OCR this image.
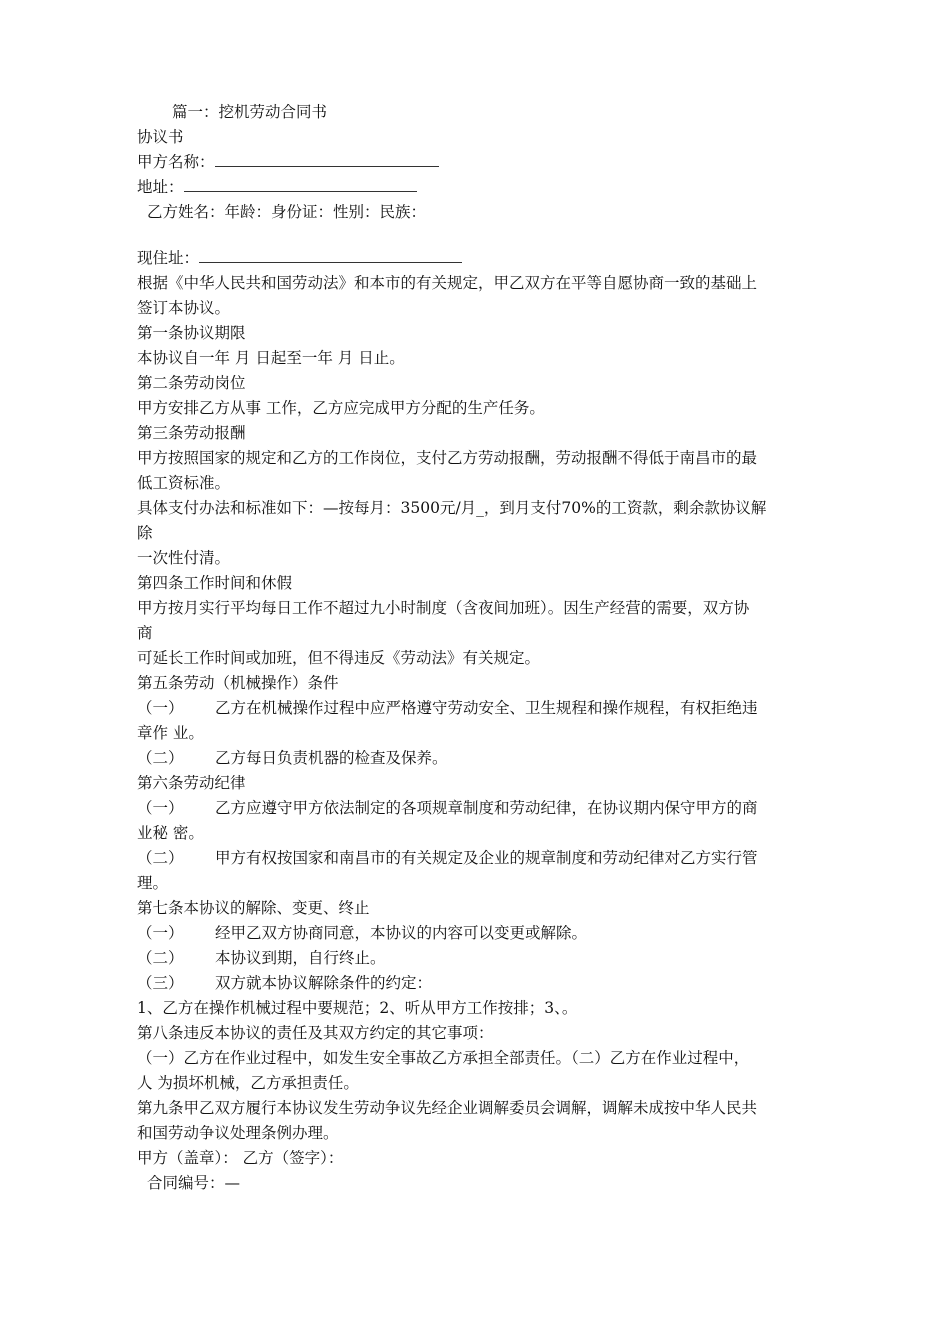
篇一：挖机劳动合同书
协议书
甲方名称：
地址：
乙方姓名：年龄：身份证：性别：民族：
现住址：
根据《中华人民共和国劳动法》和本市的有关规定，甲乙双方在平等自愿协商一致的基础上
签订本协议。
第一条协议期限
本协议自一年 月 日起至一年 月 日止。
第二条劳动岗位
甲方安排乙方从事 工作，乙方应完成甲方分配的生产任务。
第三条劳动报酬
甲方按照国家的规定和乙方的工作岗位，支付乙方劳动报酬，劳动报酬不得低于南昌市的最
低工资标准。
具体支付办法和标准如下：—按每月：3500元/月_，到月支付70%的工资款，剩余款协议解
除
一次性付清。
第四条工作时间和休假
甲方按月实行平均每日工作不超过九小时制度（含夜间加班）。因生产经营的需要，双方协
商
可延长工作时间或加班，但不得违反《劳动法》有关规定。
第五条劳动（机械操作）条件
（一） 乙方在机械操作过程中应严格遵守劳动安全、卫生规程和操作规程，有权拒绝违
章作 业。
（二） 乙方每日负责机器的检查及保养。
第六条劳动纪律
（一） 乙方应遵守甲方依法制定的各项规章制度和劳动纪律，在协议期内保守甲方的商
业秘 密。
（二） 甲方有权按国家和南昌市的有关规定及企业的规章制度和劳动纪律对乙方实行管
理。
第七条本协议的解除、变更、终止
（一） 经甲乙双方协商同意，本协议的内容可以变更或解除。
（二） 本协议到期，自行终止。
（三） 双方就本协议解除条件的约定：
1、乙方在操作机械过程中要规范；2、听从甲方工作按排；3、。
第八条违反本协议的责任及其双方约定的其它事项：
（一）乙方在作业过程中，如发生安全事故乙方承担全部责任。（二）乙方在作业过程中，
人 为损坏机械，乙方承担责任。
第九条甲乙双方履行本协议发生劳动争议先经企业调解委员会调解，调解未成按中华人民共
和国劳动争议处理条例办理。
甲方（盖章）： 乙方（签字）：
合同编号：—
